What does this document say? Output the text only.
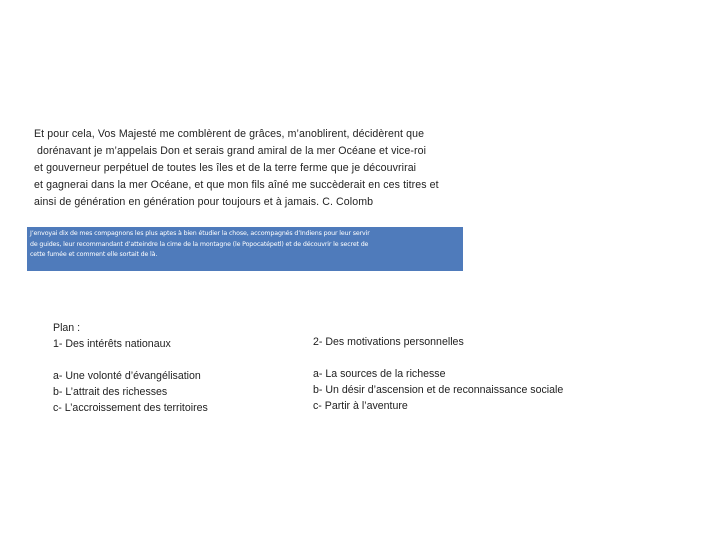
Et pour cela, Vos Majesté me comblèrent de grâces, m’anoblirent, décidèrent que
dorénavant je m’appelais Don et serais grand amiral de la mer Océane et vice-roi
et gouverneur perpétuel de toutes les îles et de la terre ferme que je découvrirai
et gagnerai dans la mer Océane, et que mon fils aîné me succèderait en ces titres et
ainsi de génération en génération pour toujours et à jamais. C. Colomb
J’envoyai dix de mes compagnons les plus aptes à bien étudier la chose, accompagnés d’Indiens pour leur servir
de guides, leur recommandant d’atteindre la cime de la montagne (le Popocatépetl) et de découvrir le secret de
cette fumée et comment elle sortait de là.
Plan :
1- Des intérêts nationaux
a- Une volonté d’évangélisation
b- L’attrait des richesses
c- L’accroissement des territoires
2- Des motivations personnelles
a- La sources de la richesse
b- Un désir d’ascension et de reconnaissance sociale
c- Partir à l’aventure
